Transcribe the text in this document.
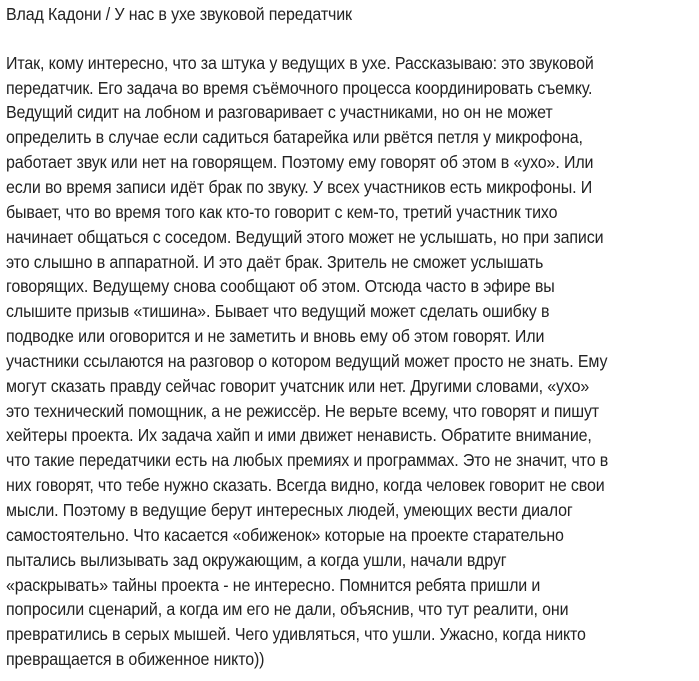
Влад Кадони / У нас в ухе звуковой передатчик
Итак, кому интересно, что за штука у ведущих в ухе. Рассказываю: это звуковой
передатчик. Его задача во время съёмочного процесса координировать съемку.
Ведущий сидит на лобном и разговаривает с участниками, но он не может
определить в случае если садиться батарейка или рвётся петля у микрофона,
работает звук или нет на говорящем. Поэтому ему говорят об этом в «ухо». Или
если во время записи идёт брак по звуку. У всех участников есть микрофоны. И
бывает, что во время того как кто-то говорит с кем-то, третий участник тихо
начинает общаться с соседом. Ведущий этого может не услышать, но при записи
это слышно в аппаратной. И это даёт брак. Зритель не сможет услышать
говорящих. Ведущему снова сообщают об этом. Отсюда часто в эфире вы
слышите призыв «тишина». Бывает что ведущий может сделать ошибку в
подводке или оговорится и не заметить и вновь ему об этом говорят. Или
участники ссылаются на разговор о котором ведущий может просто не знать. Ему
могут сказать правду сейчас говорит учатсник или нет. Другими словами, «ухо»
это технический помощник, а не режиссёр. Не верьте всему, что говорят и пишут
хейтеры проекта. Их задача хайп и ими движет ненависть. Обратите внимание,
что такие передатчики есть на любых премиях и программах. Это не значит, что в
них говорят, что тебе нужно сказать. Всегда видно, когда человек говорит не свои
мысли. Поэтому в ведущие берут интересных людей, умеющих вести диалог
самостоятельно. Что касается «обиженок» которые на проекте старательно
пытались вылизывать зад окружающим, а когда ушли, начали вдруг
«раскрывать» тайны проекта - не интересно. Помнится ребята пришли и
попросили сценарий, а когда им его не дали, объяснив, что тут реалити, они
превратились в серых мышей. Чего удивляться, что ушли. Ужасно, когда никто
превращается в обиженное никто))
